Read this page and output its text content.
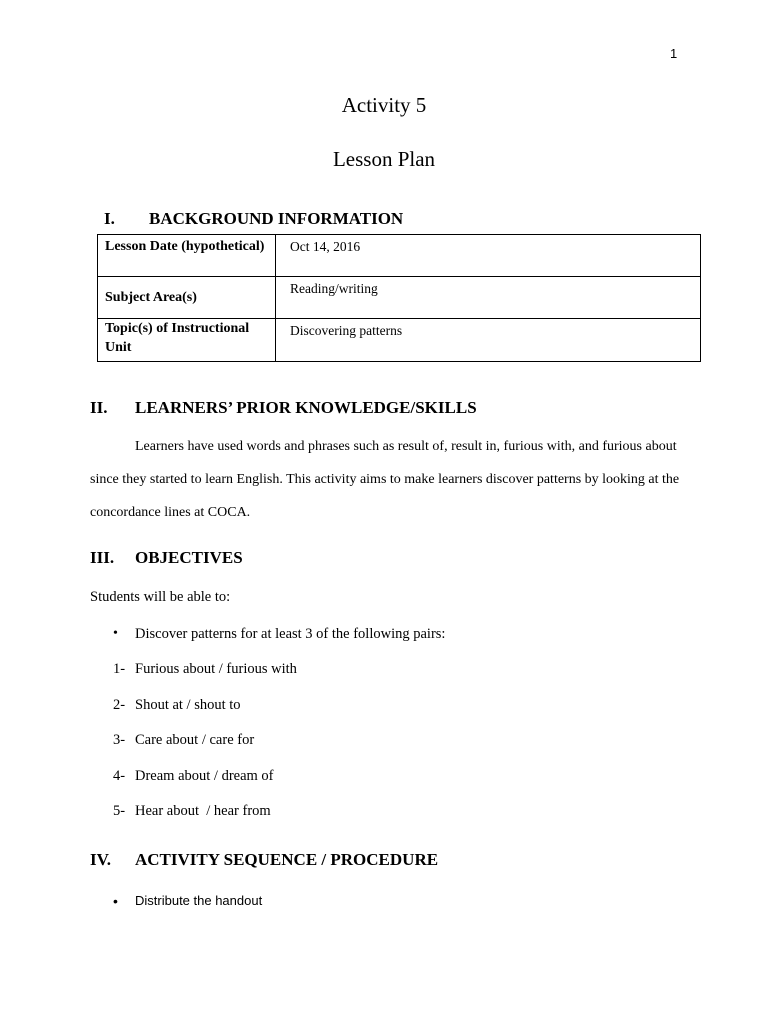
1
Activity 5
Lesson Plan
I. BACKGROUND INFORMATION
Lesson Date (hypothetical)	Oct 14, 2016
Subject Area(s)	Reading/writing
Topic(s) of Instructional Unit	Discovering patterns
II. LEARNERS’ PRIOR KNOWLEDGE/SKILLS
Learners have used words and phrases such as result of, result in, furious with, and furious about
since they started to learn English. This activity aims to make learners discover patterns by looking at the
concordance lines at COCA.
III. OBJECTIVES
Students will be able to:
• Discover patterns for at least 3 of the following pairs:
1- Furious about / furious with
2- Shout at / shout to
3- Care about / care for
4- Dream about / dream of
5- Hear about  / hear from
IV. ACTIVITY SEQUENCE / PROCEDURE
• Distribute the handout
